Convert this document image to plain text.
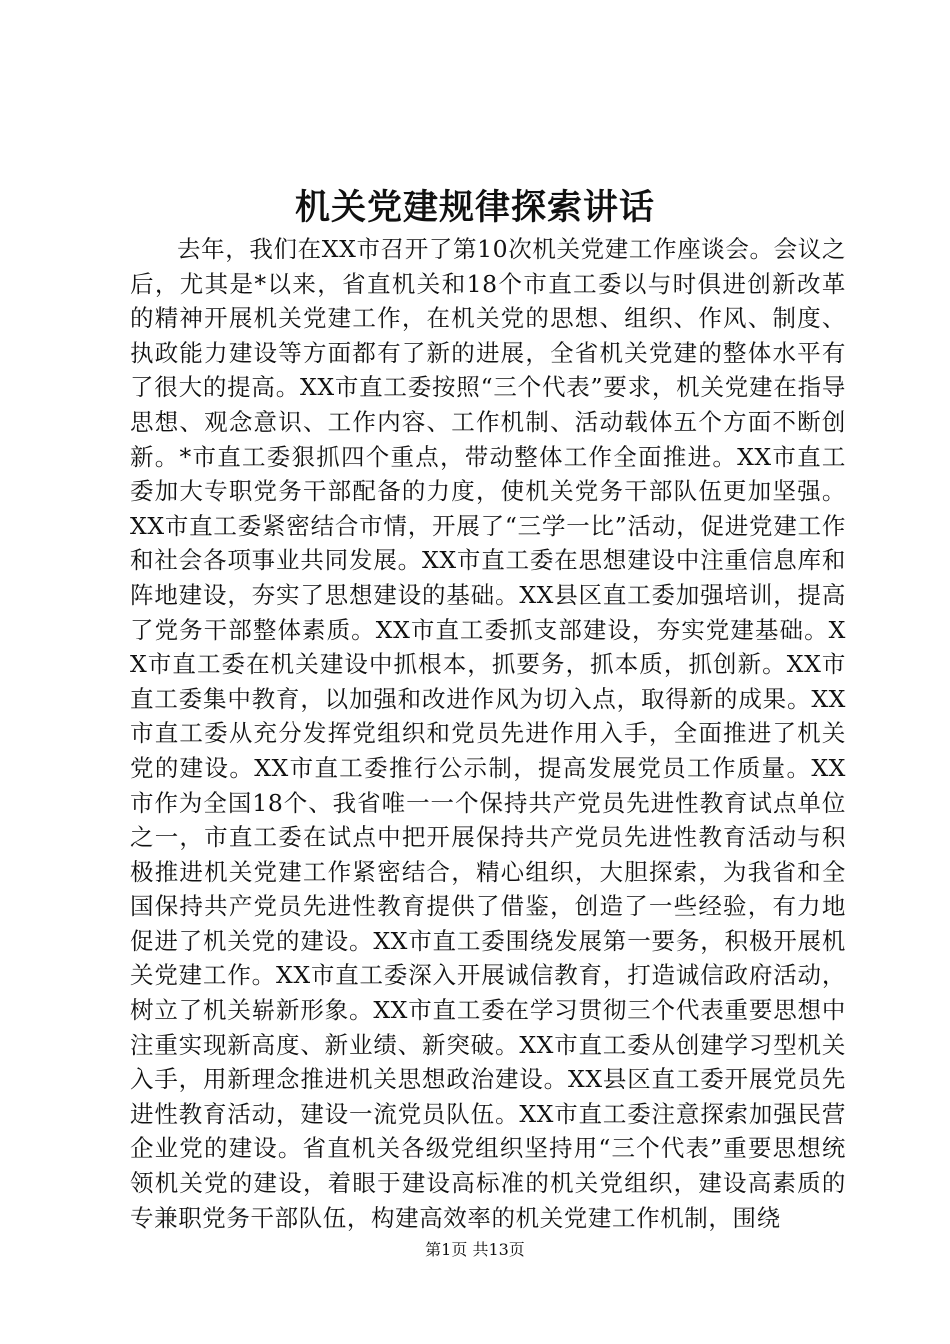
机关党建规律探索讲话

去年，我们在XX市召开了第10次机关党建工作座谈会。会议之后，尤其是*以来，省直机关和18个市直工委以与时俱进创新改革的精神开展机关党建工作，在机关党的思想、组织、作风、制度、执政能力建设等方面都有了新的进展，全省机关党建的整体水平有了很大的提高。XX市直工委按照“三个代表”要求，机关党建在指导思想、观念意识、工作内容、工作机制、活动载体五个方面不断创新。*市直工委狠抓四个重点，带动整体工作全面推进。XX市直工委加大专职党务干部配备的力度，使机关党务干部队伍更加坚强。XX市直工委紧密结合市情，开展了“三学一比”活动，促进党建工作和社会各项事业共同发展。XX市直工委在思想建设中注重信息库和阵地建设，夯实了思想建设的基础。XX县区直工委加强培训，提高了党务干部整体素质。XX市直工委抓支部建设，夯实党建基础。XX市直工委在机关建设中抓根本，抓要务，抓本质，抓创新。XX市直工委集中教育，以加强和改进作风为切入点，取得新的成果。XX市直工委从充分发挥党组织和党员先进作用入手，全面推进了机关党的建设。XX市直工委推行公示制，提高发展党员工作质量。XX市作为全国18个、我省唯一一个保持共产党员先进性教育试点单位之一，市直工委在试点中把开展保持共产党员先进性教育活动与积极推进机关党建工作紧密结合，精心组织，大胆探索，为我省和全国保持共产党员先进性教育提供了借鉴，创造了一些经验，有力地促进了机关党的建设。XX市直工委围绕发展第一要务，积极开展机关党建工作。XX市直工委深入开展诚信教育，打造诚信政府活动，树立了机关崭新形象。XX市直工委在学习贯彻三个代表重要思想中注重实现新高度、新业绩、新突破。XX市直工委从创建学习型机关入手，用新理念推进机关思想政治建设。XX县区直工委开展党员先进性教育活动，建设一流党员队伍。XX市直工委注意探索加强民营企业党的建设。省直机关各级党组织坚持用“三个代表”重要思想统领机关党的建设，着眼于建设高标准的机关党组织，建设高素质的专兼职党务干部队伍，构建高效率的机关党建工作机制，围绕

第1页 共13页
